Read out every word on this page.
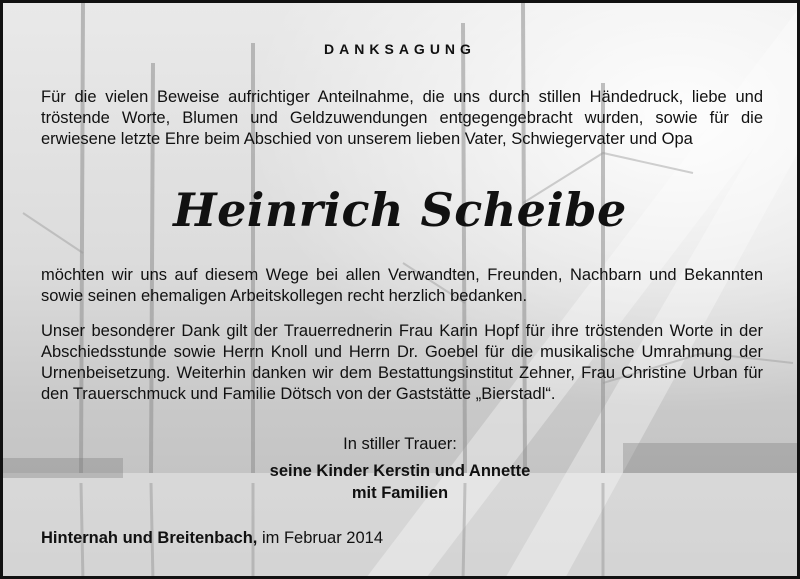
DANKSAGUNG
Für die vielen Beweise aufrichtiger Anteilnahme, die uns durch stillen Händedruck, liebe und tröstende Worte, Blumen und Geldzuwendungen entgegengebracht wurden, sowie für die erwiesene letzte Ehre beim Abschied von unserem lieben Vater, Schwiegervater und Opa
Heinrich Scheibe
möchten wir uns auf diesem Wege bei allen Verwandten, Freunden, Nachbarn und Bekannten sowie seinen ehemaligen Arbeitskollegen recht herzlich bedanken.
Unser besonderer Dank gilt der Trauerrednerin Frau Karin Hopf für ihre tröstenden Worte in der Abschiedsstunde sowie Herrn Knoll und Herrn Dr. Goebel für die musikalische Umrahmung der Urnenbeisetzung. Weiterhin danken wir dem Bestattungsinstitut Zehner, Frau Christine Urban für den Trauerschmuck und Familie Dötsch von der Gaststätte „Bierstadl“.
In stiller Trauer:
seine Kinder Kerstin und Annette
mit Familien
Hinternah und Breitenbach, im Februar 2014
